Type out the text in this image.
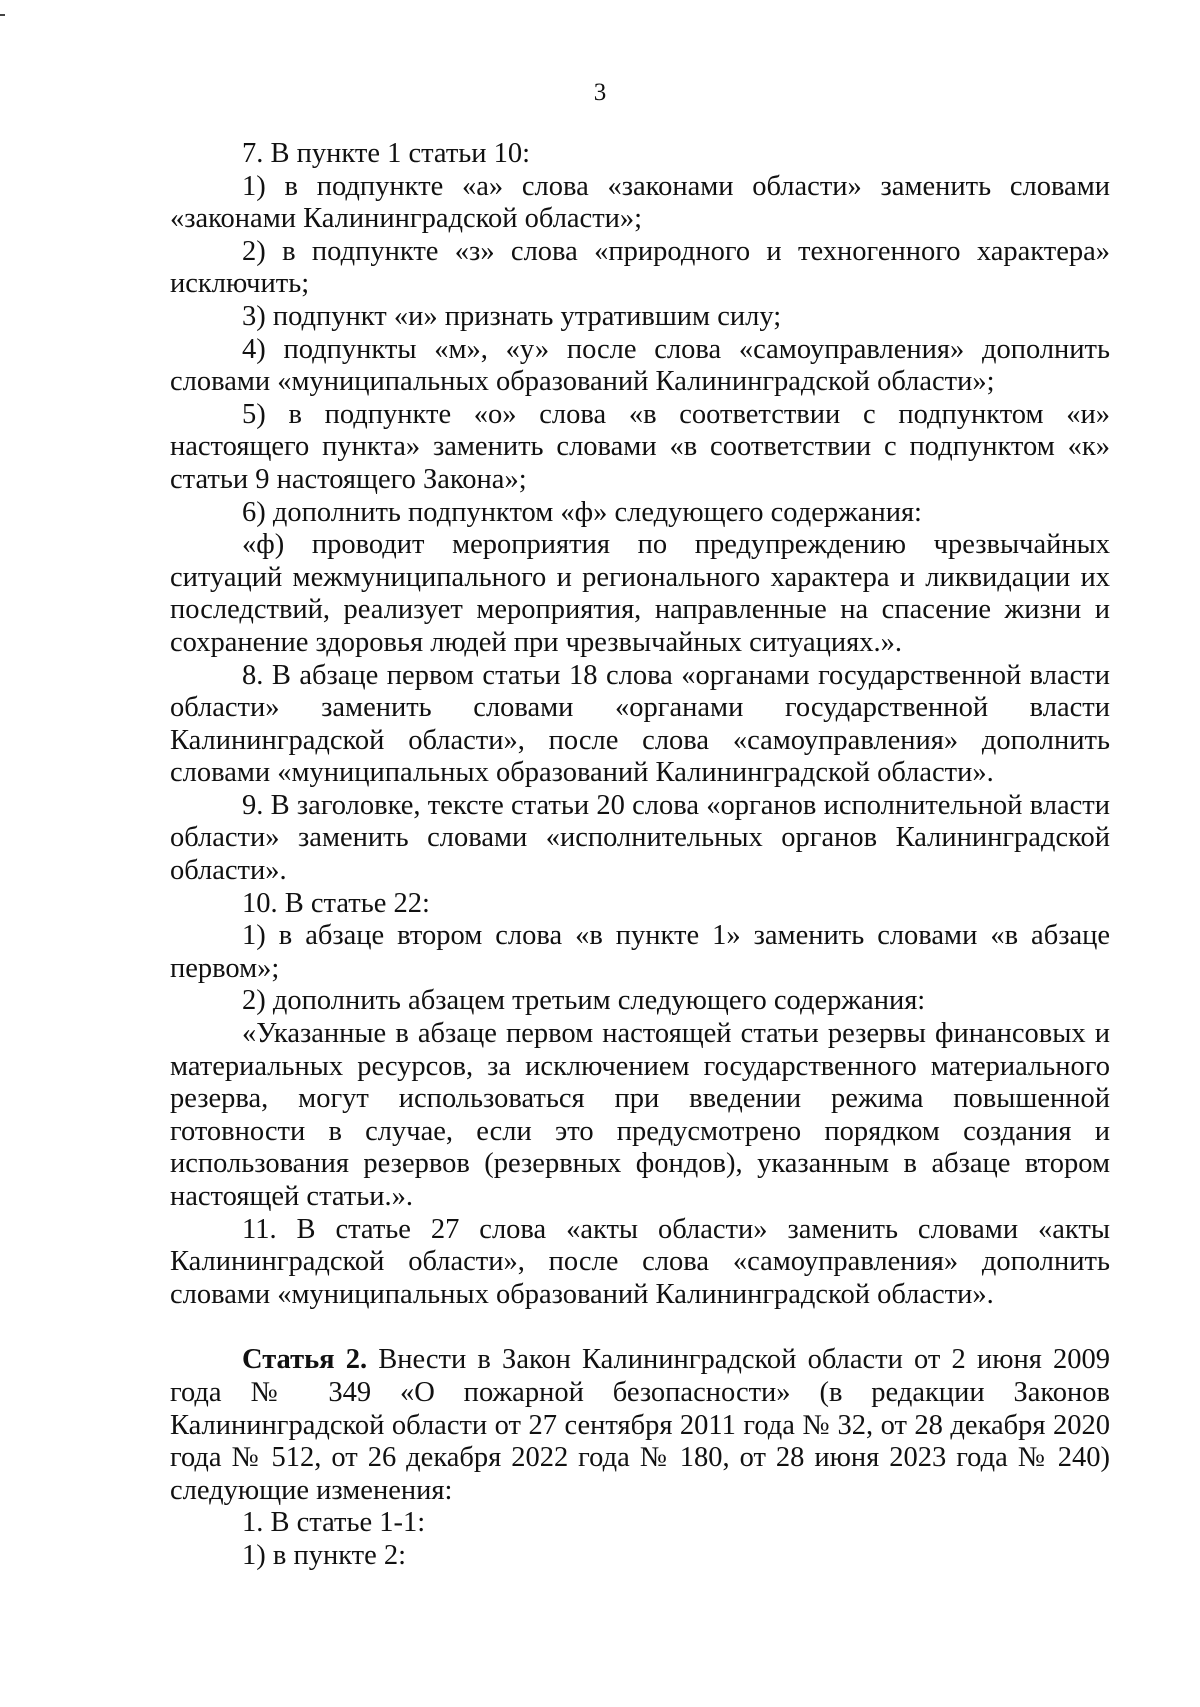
3

7. В пункте 1 статьи 10:

1) в подпункте «а» слова «законами области» заменить словами «законами Калининградской области»;

2) в подпункте «з» слова «природного и техногенного характера» исключить;

3) подпункт «и» признать утратившим силу;

4) подпункты «м», «у» после слова «самоуправления» дополнить словами «муниципальных образований Калининградской области»;

5) в подпункте «о» слова «в соответствии с подпунктом «и» настоящего пункта» заменить словами «в соответствии с подпунктом «к» статьи 9 настоящего Закона»;

6) дополнить подпунктом «ф» следующего содержания:

«ф) проводит мероприятия по предупреждению чрезвычайных ситуаций межмуниципального и регионального характера и ликвидации их последствий, реализует мероприятия, направленные на спасение жизни и сохранение здоровья людей при чрезвычайных ситуациях.».

8. В абзаце первом статьи 18 слова «органами государственной власти области» заменить словами «органами государственной власти Калининградской области», после слова «самоуправления» дополнить словами «муниципальных образований Калининградской области».

9. В заголовке, тексте статьи 20 слова «органов исполнительной власти области» заменить словами «исполнительных органов Калининградской области».

10. В статье 22:

1) в абзаце втором слова «в пункте 1» заменить словами «в абзаце первом»;

2) дополнить абзацем третьим следующего содержания:

«Указанные в абзаце первом настоящей статьи резервы финансовых и материальных ресурсов, за исключением государственного материального резерва, могут использоваться при введении режима повышенной готовности в случае, если это предусмотрено порядком создания и использования резервов (резервных фондов), указанным в абзаце втором настоящей статьи.».

11. В статье 27 слова «акты области» заменить словами «акты Калининградской области», после слова «самоуправления» дополнить словами «муниципальных образований Калининградской области».

Статья 2. Внести в Закон Калининградской области от 2 июня 2009 года № 349 «О пожарной безопасности» (в редакции Законов Калининградской области от 27 сентября 2011 года № 32, от 28 декабря 2020 года № 512, от 26 декабря 2022 года № 180, от 28 июня 2023 года № 240) следующие изменения:

1. В статье 1-1:

1) в пункте 2:
